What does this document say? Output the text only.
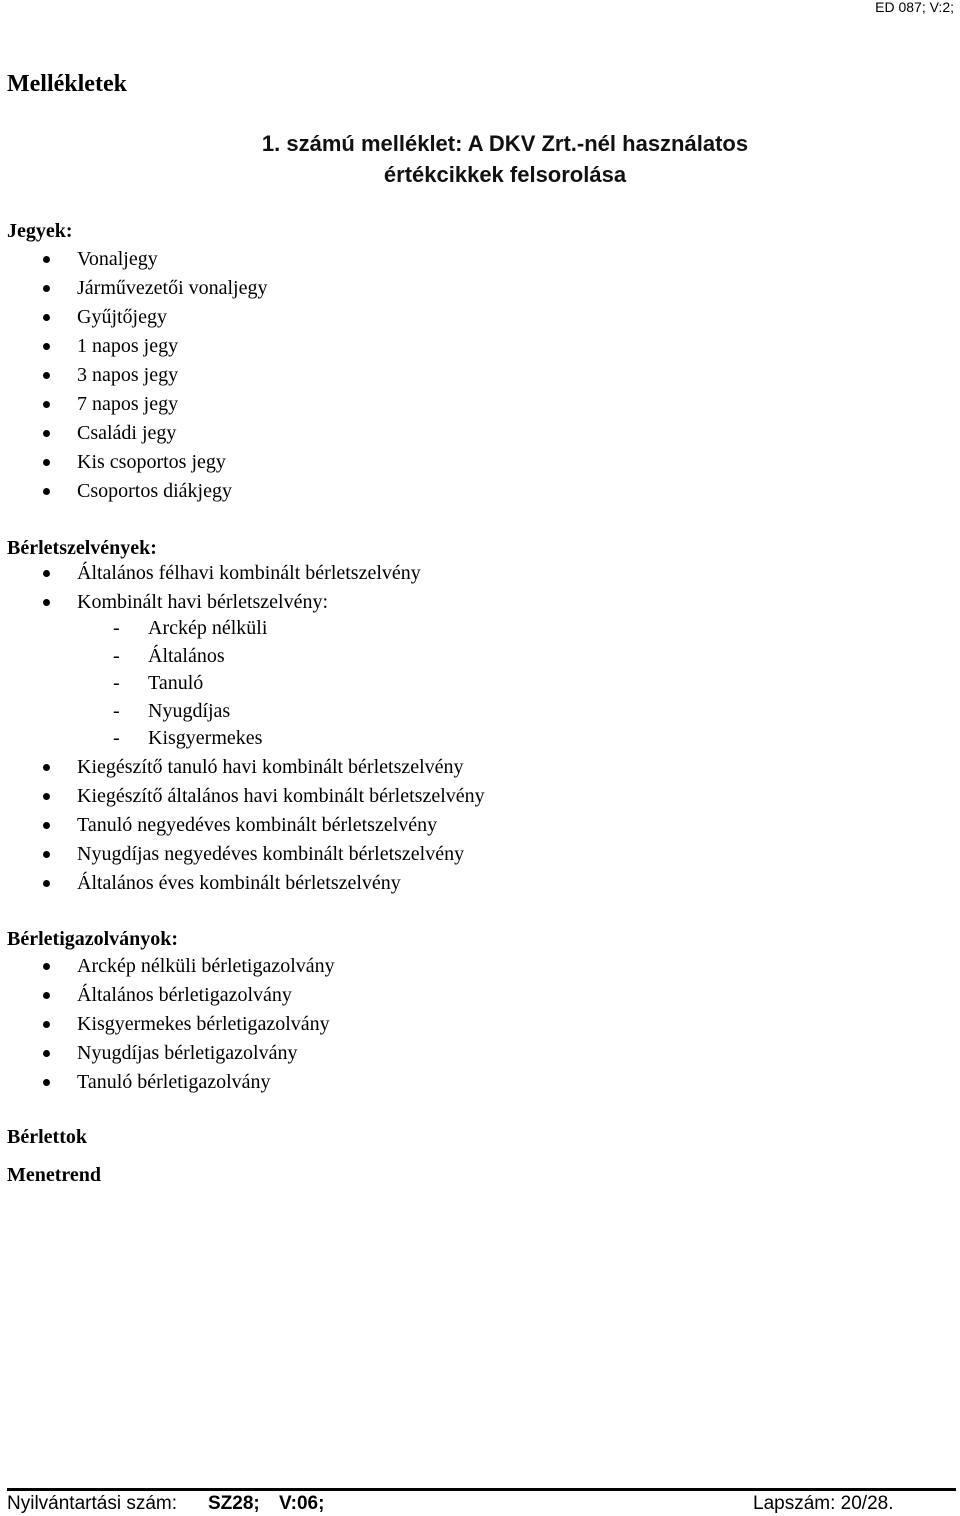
ED 087; V:2;
Mellékletek
1. számú melléklet: A DKV Zrt.-nél használatos
értékcikkek felsorolása
Jegyek:
Vonaljegy
Járművezetői vonaljegy
Gyűjtőjegy
1 napos jegy
3 napos jegy
7 napos jegy
Családi jegy
Kis csoportos jegy
Csoportos diákjegy
Bérletszelvények:
Általános félhavi kombinált bérletszelvény
Kombinált havi bérletszelvény:
- Arckép nélküli
- Általános
- Tanuló
- Nyugdíjas
- Kisgyermekes
Kiegészítő tanuló havi kombinált bérletszelvény
Kiegészítő általános havi kombinált bérletszelvény
Tanuló negyedéves kombinált bérletszelvény
Nyugdíjas negyedéves kombinált bérletszelvény
Általános éves kombinált bérletszelvény
Bérletigazolványok:
Arckép nélküli bérletigazolvány
Általános bérletigazolvány
Kisgyermekes bérletigazolvány
Nyugdíjas bérletigazolvány
Tanuló bérletigazolvány
Bérlettok
Menetrend
Nyilvántartási szám: SZ28; V:06;	Lapszám: 20/28.
